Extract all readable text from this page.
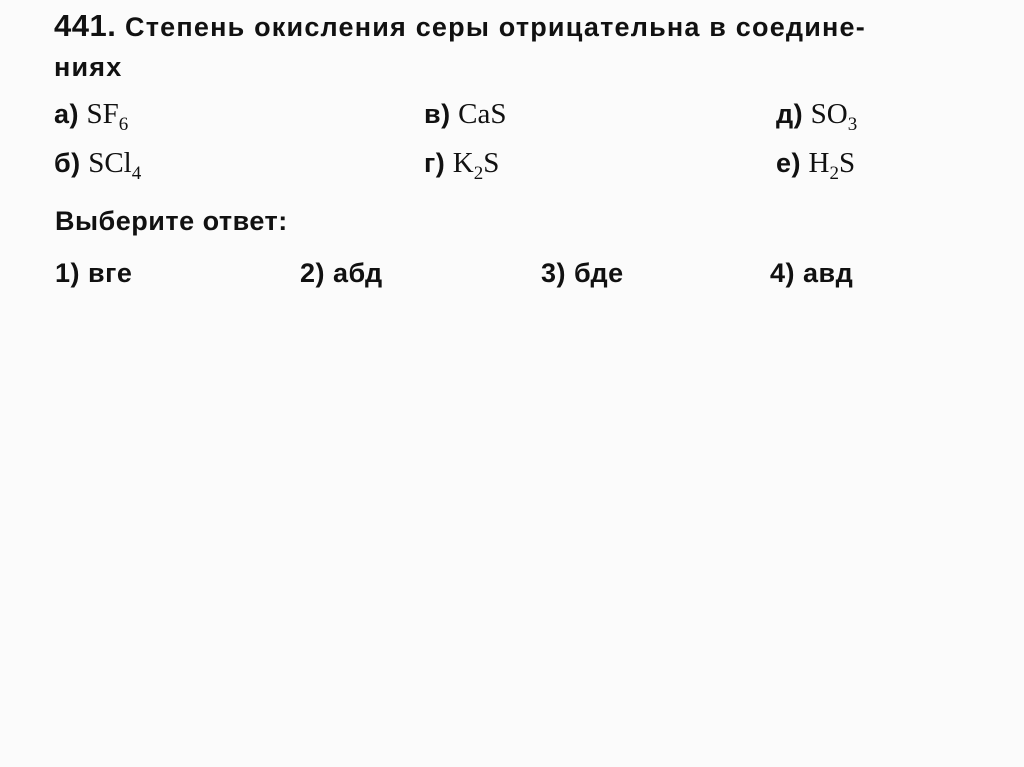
441. Степень окисления серы отрицательна в соедине-
ниях
а) $SF_6$	в) CaS	д) $SO_3$
б) SCl$_4$	г) $K_2S$	е) $H_2S$
Выберите ответ:
1) вге	2) абд	3) бде	4) авд
